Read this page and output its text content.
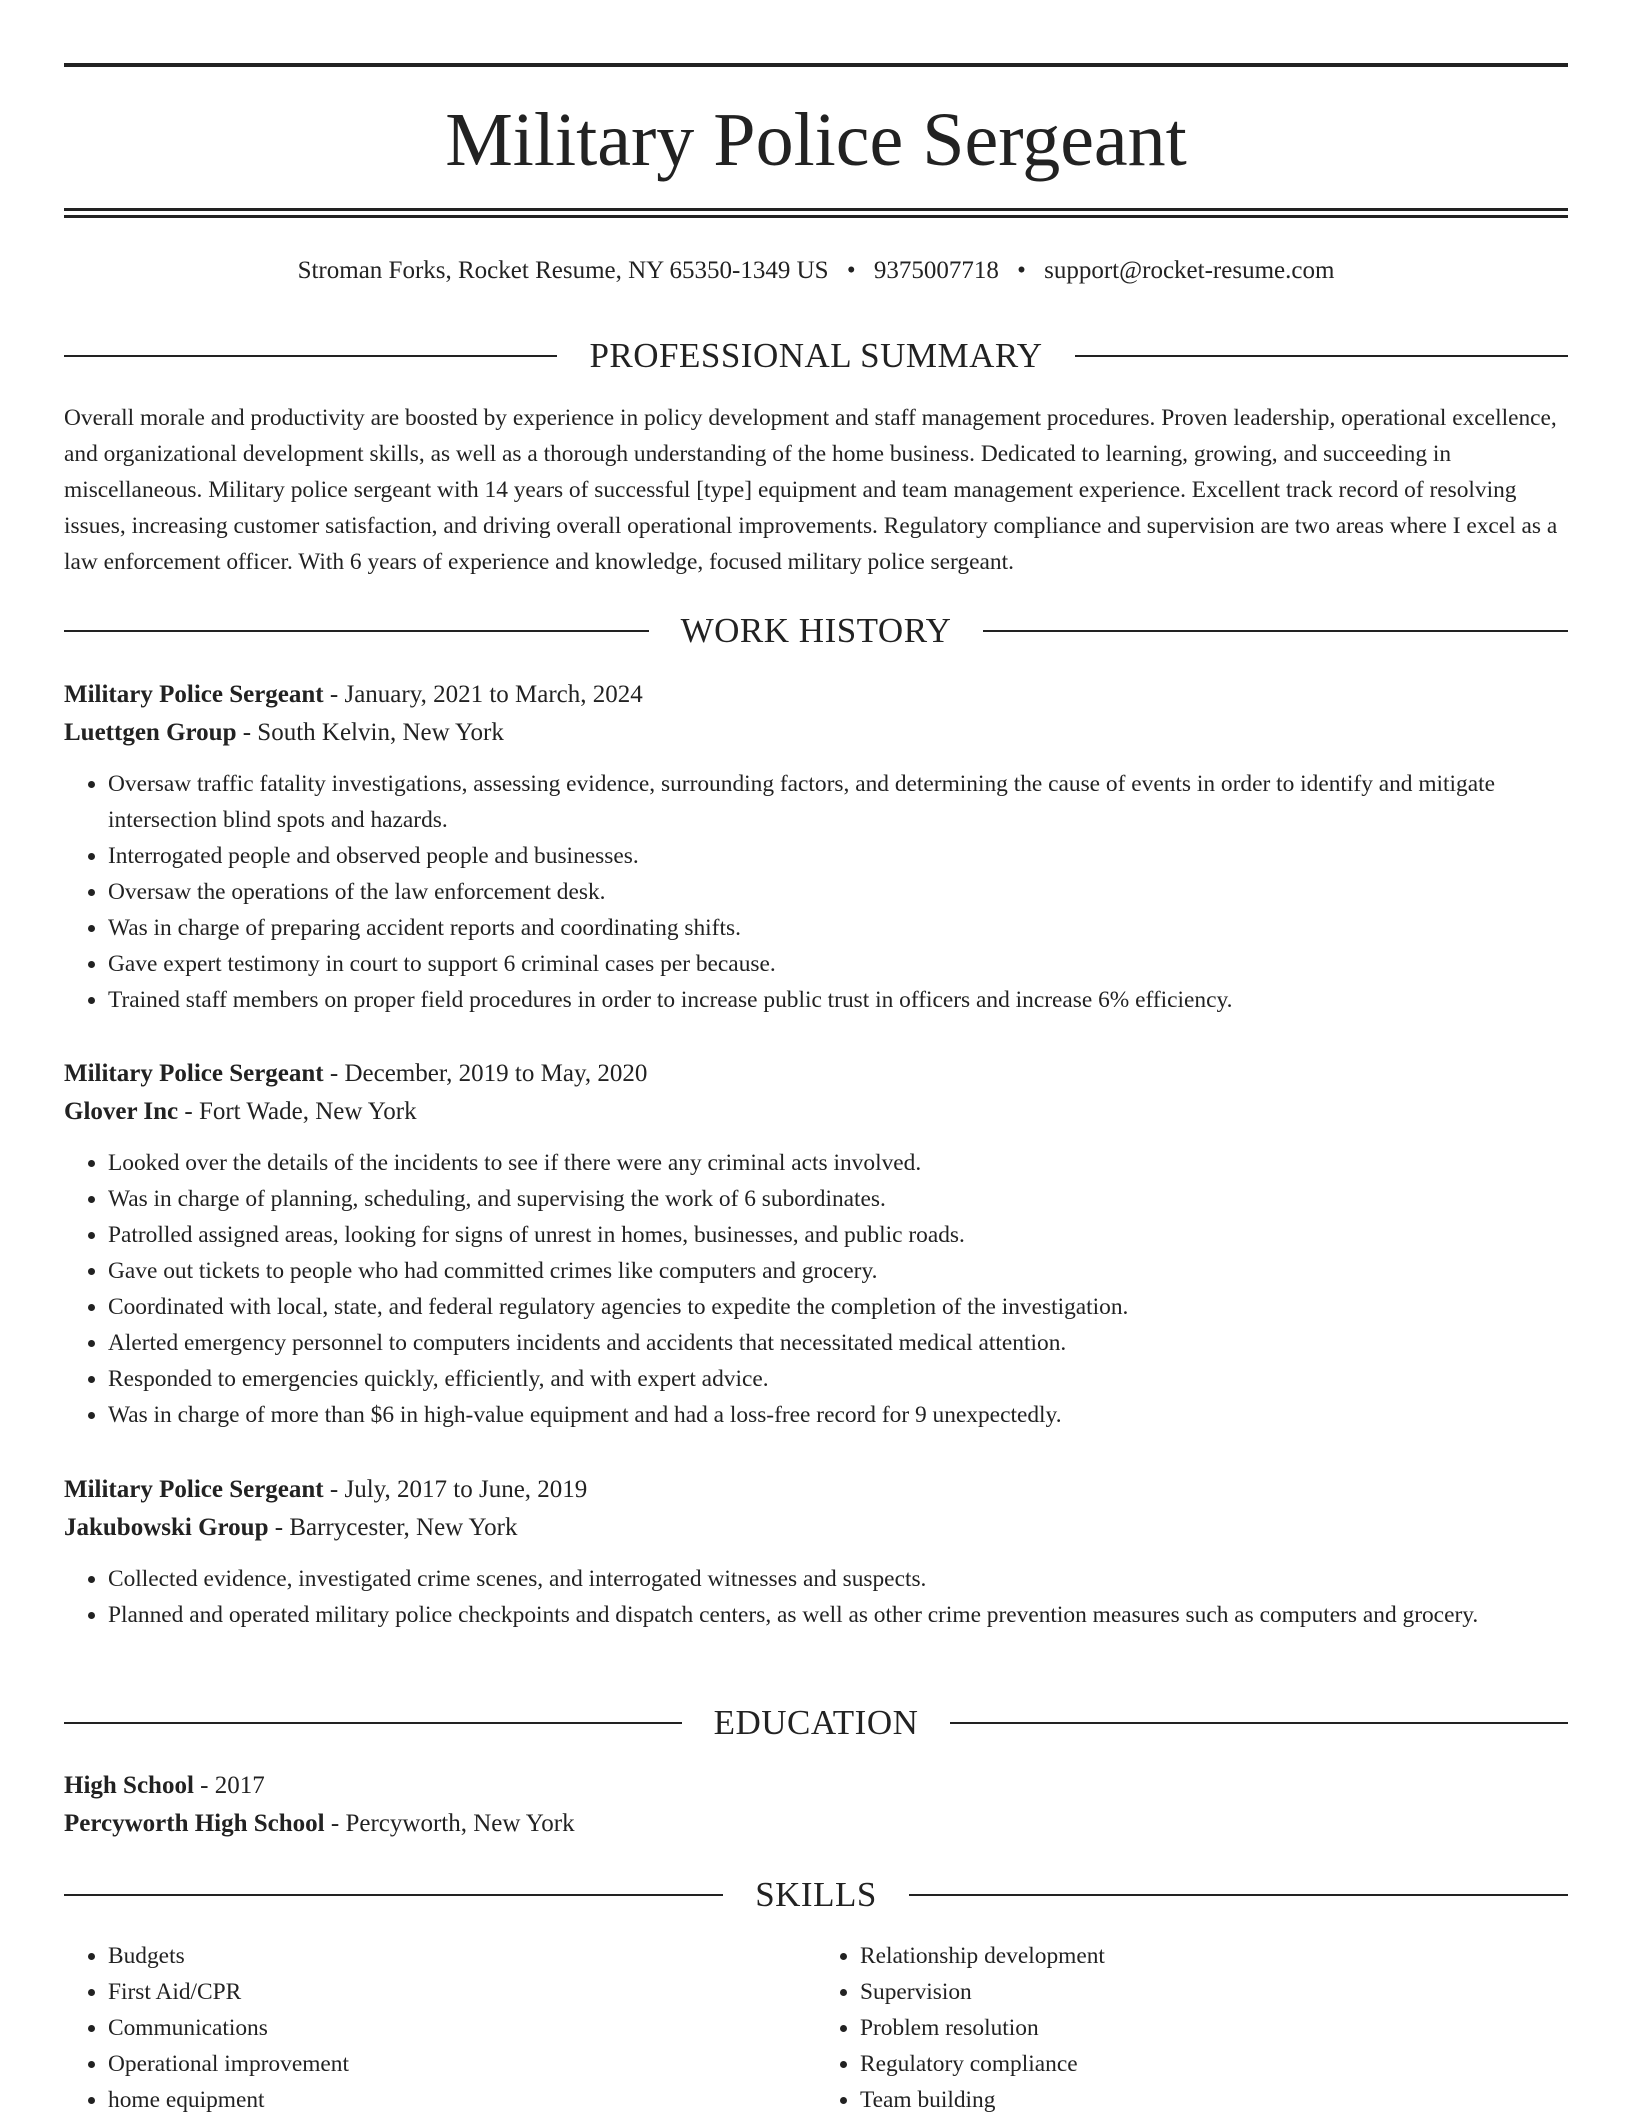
Military Police Sergeant
Stroman Forks, Rocket Resume, NY 65350-1349 US • 9375007718 • support@rocket-resume.com
PROFESSIONAL SUMMARY

Overall morale and productivity are boosted by experience in policy development and staff management procedures. Proven leadership, operational excellence, and organizational development skills, as well as a thorough understanding of the home business. Dedicated to learning, growing, and succeeding in miscellaneous. Military police sergeant with 14 years of successful [type] equipment and team management experience. Excellent track record of resolving issues, increasing customer satisfaction, and driving overall operational improvements. Regulatory compliance and supervision are two areas where I excel as a law enforcement officer. With 6 years of experience and knowledge, focused military police sergeant.

WORK HISTORY
Military Police Sergeant - January, 2021 to March, 2024
Luettgen Group - South Kelvin, New York
• Oversaw traffic fatality investigations, assessing evidence, surrounding factors, and determining the cause of events in order to identify and mitigate intersection blind spots and hazards.
• Interrogated people and observed people and businesses.
• Oversaw the operations of the law enforcement desk.
• Was in charge of preparing accident reports and coordinating shifts.
• Gave expert testimony in court to support 6 criminal cases per because.
• Trained staff members on proper field procedures in order to increase public trust in officers and increase 6% efficiency.
Military Police Sergeant - December, 2019 to May, 2020
Glover Inc - Fort Wade, New York
• Looked over the details of the incidents to see if there were any criminal acts involved.
• Was in charge of planning, scheduling, and supervising the work of 6 subordinates.
• Patrolled assigned areas, looking for signs of unrest in homes, businesses, and public roads.
• Gave out tickets to people who had committed crimes like computers and grocery.
• Coordinated with local, state, and federal regulatory agencies to expedite the completion of the investigation.
• Alerted emergency personnel to computers incidents and accidents that necessitated medical attention.
• Responded to emergencies quickly, efficiently, and with expert advice.
• Was in charge of more than $6 in high-value equipment and had a loss-free record for 9 unexpectedly.
Military Police Sergeant - July, 2017 to June, 2019
Jakubowski Group - Barrycester, New York
• Collected evidence, investigated crime scenes, and interrogated witnesses and suspects.
• Planned and operated military police checkpoints and dispatch centers, as well as other crime prevention measures such as computers and grocery.
EDUCATION
High School - 2017
Percyworth High School - Percyworth, New York
SKILLS
• Budgets
• First Aid/CPR
• Communications
• Operational improvement
• home equipment
• Relationship development
• Supervision
• Problem resolution
• Regulatory compliance
• Team building
